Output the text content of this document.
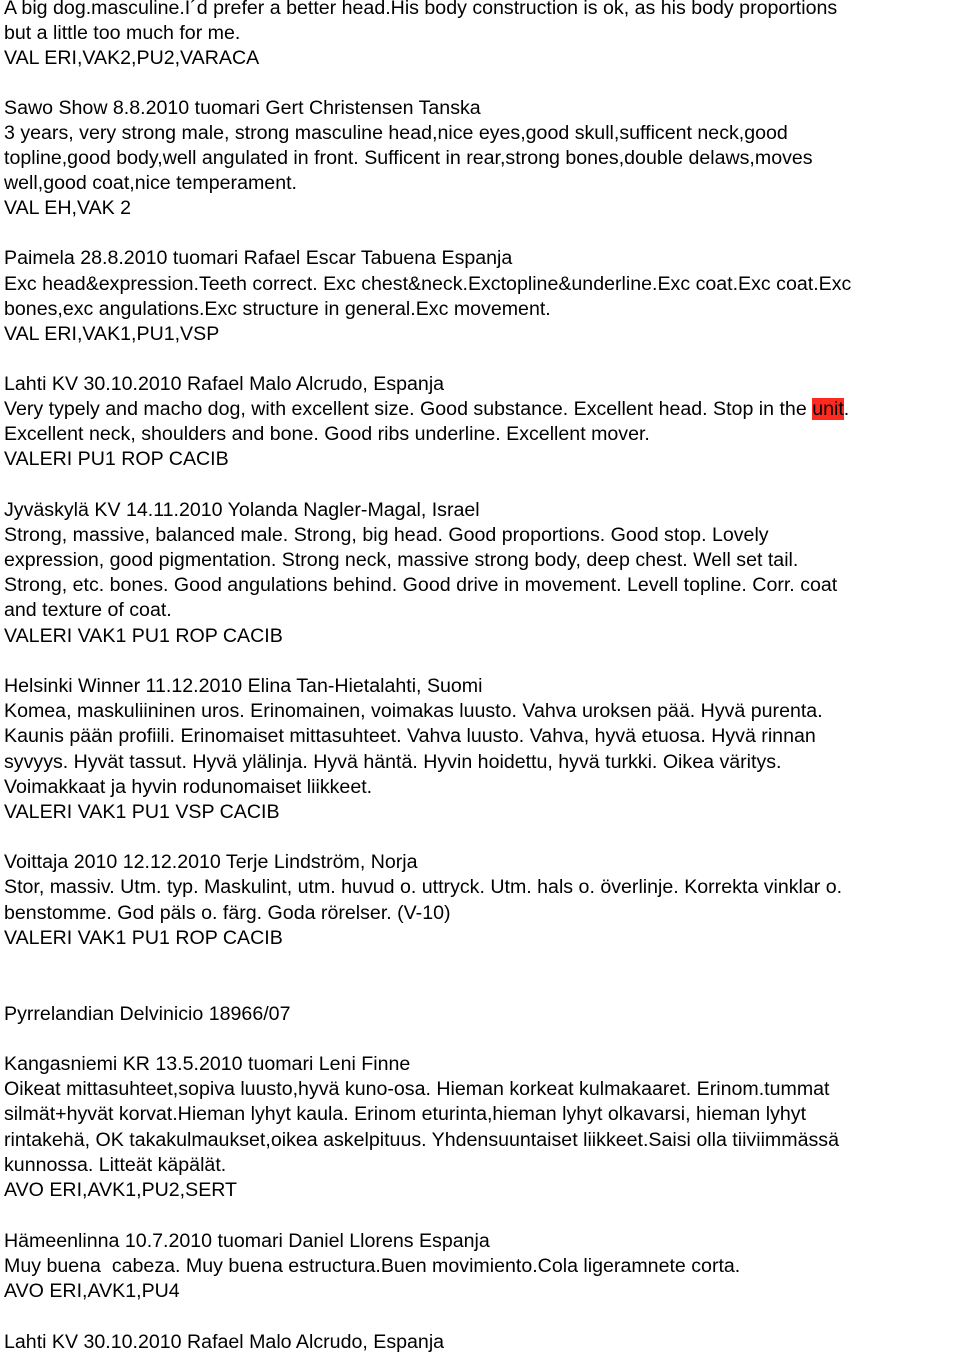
A big dog.masculine.I´d prefer a better head.His body construction is ok, as his body proportions
but a little too much for me.
VAL ERI,VAK2,PU2,VARACA
Sawo Show 8.8.2010 tuomari Gert Christensen Tanska
3 years, very strong male, strong masculine head,nice eyes,good skull,sufficent neck,good
topline,good body,well angulated in front. Sufficent in rear,strong bones,double delaws,moves
well,good coat,nice temperament.
VAL EH,VAK 2
Paimela 28.8.2010 tuomari Rafael Escar Tabuena Espanja
Exc head&expression.Teeth correct. Exc chest&neck.Exctopline&underline.Exc coat.Exc coat.Exc
bones,exc angulations.Exc structure in general.Exc movement.
VAL ERI,VAK1,PU1,VSP
Lahti KV 30.10.2010 Rafael Malo Alcrudo, Espanja
Very typely and macho dog, with excellent size. Good substance. Excellent head. Stop in the unit.
Excellent neck, shoulders and bone. Good ribs underline. Excellent mover.
VALERI PU1 ROP CACIB
Jyväskylä KV 14.11.2010 Yolanda Nagler-Magal, Israel
Strong, massive, balanced male. Strong, big head. Good proportions. Good stop. Lovely
expression, good pigmentation. Strong neck, massive strong body, deep chest. Well set tail.
Strong, etc. bones. Good angulations behind. Good drive in movement. Levell topline. Corr. coat
and texture of coat.
VALERI VAK1 PU1 ROP CACIB
Helsinki Winner 11.12.2010 Elina Tan-Hietalahti, Suomi
Komea, maskuliininen uros. Erinomainen, voimakas luusto. Vahva uroksen pää. Hyvä purenta.
Kaunis pään profiili. Erinomaiset mittasuhteet. Vahva luusto. Vahva, hyvä etuosa. Hyvä rinnan
syvyys. Hyvät tassut. Hyvä ylälinja. Hyvä häntä. Hyvin hoidettu, hyvä turkki. Oikea väritys.
Voimakkaat ja hyvin rodunomaiset liikkeet.
VALERI VAK1 PU1 VSP CACIB
Voittaja 2010 12.12.2010 Terje Lindström, Norja
Stor, massiv. Utm. typ. Maskulint, utm. huvud o. uttryck. Utm. hals o. överlinje. Korrekta vinklar o.
benstomme. God päls o. färg. Goda rörelser. (V-10)
VALERI VAK1 PU1 ROP CACIB
Pyrrelandian Delvinicio 18966/07
Kangasniemi KR 13.5.2010 tuomari Leni Finne
Oikeat mittasuhteet,sopiva luusto,hyvä kuno-osa. Hieman korkeat kulmakaaret. Erinom.tummat
silmät+hyvät korvat.Hieman lyhyt kaula. Erinom eturinta,hieman lyhyt olkavarsi, hieman lyhyt
rintakehä, OK takakulmaukset,oikea askelpituus. Yhdensuuntaiset liikkeet.Saisi olla tiiviimmässä
kunnossa. Litteät käpälät.
AVO ERI,AVK1,PU2,SERT
Hämeenlinna 10.7.2010 tuomari Daniel Llorens Espanja
Muy buena  cabeza. Muy buena estructura.Buen movimiento.Cola ligeramnete corta.
AVO ERI,AVK1,PU4
Lahti KV 30.10.2010 Rafael Malo Alcrudo, Espanja
